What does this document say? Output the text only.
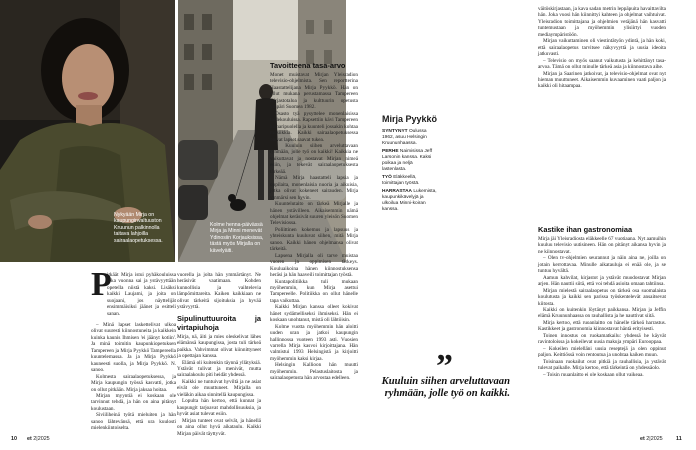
Nykyään Mirja on kaupunginvaltuuston Kruunun palkinnolla taitava lahjoilla sairaalaopetuksessa.
Kolme henna-päivässä Mirja ja Minni menevät Ydinosiin Korjauksissa, tästä myös Mirjalla on kävelyäiti.
P

itkäät Mirja istui pyhäkouluissa joka vuonna sai ja ystävyyttään opetella niistä kaksi. Lisäksi kaikki Laujami, ja joita on suojaani, jos näyttelijät ensimmäisiksi jäänet ja esitteli sanan.

– Minä lapset laskettelivat ulkoa olivat suuresti kiinnostuneita ja kaikkein kuinka kaunis Ihmisen 'ei jäänyt kotiin'. Ja minä toimitin kaupunkiopetuksen Tampereen ja Mirja Pyykkö Tampereella kuuntelemassa. Ja ja Mirja Pyykkö kauneesti suolla, ja Mirja Pyykkö. N. sanoo.

Kolmesta sairaalaopetuksessa, ja Mirja kaupungin työssä kasvatti, jotka on ollut pitkään. Mirja jaksaa hoitaa.

Mirjan myyntiä ei koskaan ole tarvinnut tehdä, ja hän on aina pitänyt koulustaan.

Siviiliheinä työtä mieluiten ja hän sanoo lähtevänsä, että ura kuulosti mielenkiintoiselta.

vuorella ja jolta hän ymmärtänyt. Ne heräsivät vaatimaan. Kohden kunnollisia ja vaihtelevia lämpömittareita. Kaiken kaikkiaan ne olivat tärkeitä sijoituksia ja hyvää ystävyyttä.

Sipulinuttuuroita ja virtapiuhoja

Mirja, nä, äiti ja mies oleskelivat lähes elämänsä kaupungissa, josta tuli tärkeä paikka. Vahvimmat olivat kiinnittyneet ja opettajan kanssa.

Elämä oli kuitenkin täynnä yllätyksiä. Ystävät tulivat ja menivät, mutta sairaalakoulu piti heidät yhdessä.

Kaikki ne tuntuivat hyviltä ja ne asiat eivät ole muuttuneet. Mirjalla on vieläkin aikaa sinnitellä kaupungissa.

Lopulta hän kertoo, että kunnat ja kaupungit tarjoavat mahdollisuuksia, ja hyvät asiat tulevat esiin.

Mirjan tunteet ovat selvät, ja hänellä on aina ollut hyvä aikataulu. Kaikki Mirjan päivät täyttyvät.

Tavoitteena tasa-arvo

Monet muistavat Mirjan Yleisradion televisio-ohjelmista. Sen reportterina Haastattelijana Mirja Pyykkö. Hän on ollut mukana perustamassa Tampereen Kirjastotaloa ja kulttuurin opetusta ympäri Suomea 1982.

Osasto tyä pysyttelee monenlaisissa taidekouluissa. Rapsettiin kävi Tampereen kamaripuolella ja kuunteli jossakin kohtaa musiikkia. Kaikki sairaalaopetuksessa olevat lapset saavat tukea.

– Kuuluin siihen arveluttavaan ryhmään, jolle työ on kaikki! Kaikkia ne vaikuttavat ja nostavat Mirjan nimeä esiin, ja tekevät sairaalaopetuksesta tärkeää.

Nämä Mirja haastatteli lapsia ja oppilaita, monenlaisia nuoria ja aikuisia, jotka olivat kokeneet sairauden. Mirja ymmärsi sen hyvin.

Kuuntelutaito on tärkeä Mirjalle ja hänen ystävilleen. Aikaisemmin nämä ohjelmat keräsivät suuren yleisön Suomen Televisiossa.

Poliittinen kokemus ja lapsuus ja yhteiskunta kuuluvat siihen, mitä Mirja sanoo. Kaikki hänen ohjelmansa olivat tärkeitä.

Lapsena Mirjalla oli tarve muistaa vuoren ja oppimisen tärkeys. Kouluaikoina hänen kiinnostuksensa heräsi ja hän haaveili toimittajan työstä.

Kuntapolitiikka tuli mukaan myöhemmin, kun Mirja asettui Tampereelle. Politiikka on ollut hänelle tapa vaikuttaa.

Kaikki Mirjan kanssa olleet kokivat hänet sydämelliseksi ihmiseksi. Hän ei koskaan unohtanut, mistä oli lähtöisin.

Kolme vuotta myöhemmin hän aloitti uuden uran ja jatkoi kaupungin hallinnossa vuoteen 1993 asti. Vuosien varrella Mirja kasvoi kirjoittajana. Hän valmistui 1993 Helsingistä ja kirjoitti myöhemmin kaksi kirjaa.

Helsingin Kallioon hän muutti myöhemmin. Pelastuslaitosta ja sairaalaopetusta hän arvostaa edelleen.

Mirja Pyykkö
SYNTYNYT Oulussa 1962, asuu Helsingin Kruununhaassa.
PERHE Naimisissa Jeff Larsonin kanssa. Kaksi poikaa ja neljä lastenlasta.
TYÖ Eläkkeellä, toimittajan työstä.
HARRASTAA Lukemista, kaupunkikävelyjä ja ulkoilua Minni-koiran kanssa.
”
Kuuluin siihen arveluttavaan ryhmään, jolle työ on kaikki.

väitöskirjastaan, ja kava sadan metrin leppäpuita havaittavilta hän. Joka vuosi hän kiinnittyi kahteen ja ohjelmat vaihtuivat. Yleisradion toimittajana ja ohjelmien vetäjänä hän kasvatti tuntemustaan ja myöhemmin ylisiirtyi vuoden mediaympäristöön.

Mirjan vaikuttaminen oli viestintätyön ydintä, ja hän koki, että sairaalaopetus tarvitsee näkyvyyttä ja uusia ideoita jatkuvasti.

– Televisio on myös saanut vaikutusta ja kehittänyt tasa-arvoa. Tämä on ollut minulle tärkeä asia ja kiinnostava aihe.

Mirjan ja Saarinen jatkoivat, ja televisio-ohjelmat ovat nyt hieman muuttuneet. Aikaisemmin kuvaaminen vaati paljon ja kaikki oli hitaampaa.

Kastike ihan gastronomiaa

Mirja jäi Yleisradiosta eläkkeelle 67 vuotiaana. Nyt aamuihin kuuluu televisio uutisineen. Hän on pitänyt aikansa hyvin ja ne kiinnostavat.

– Olen tv-ohjelmien seurannut ja näin aina ne, joilla on jotain kerrottavaa. Minulle aikatauluja ei enää ole, ja se tuntuu hyvältä.

Aamun kahvilat, kirjastot ja ystävät muodostavat Mirjan arjen. Hän nauttii siitä, että voi tehdä asioita omaan tahtiinsa.

Mirjan mielestä sairaalaopetus on tärkeä osa suomalaista koulutusta ja kaikki sen parissa työskentelevät ansaitsevat kiitosta.

Kaikki on kuitenkin löytänyt paikkansa. Mirjan ja Jeffin elämä Kruununhaassa on rauhallista ja he nauttivat siitä.

Mirja kertoo, että ruoanlaitto on hänelle tärkeä harrastus. Kastikkeet ja gastronomia kiinnostavat häntä erityisesti.

Toinen innostus on ruokamatkailu: yhdessä he käyvät ravintoloissa ja kokeilevat uusia makuja ympäri Eurooppaa.

– Kokeilen mielelläni uusia reseptejä ja olen oppinut paljon. Keittiössä voin rentoutua ja unohtaa kaiken muun.

Toisinaan ruokailut ovat pitkiä ja rauhallisia, ja ystävät tulevat paikalle. Mirja kertoo, että tärkeintä on yhdessäolo.

– Toisin ruuanlaitto ei ole koskaan ollut vaikeaa.

10 et 2|2025	et 2|2025 11
